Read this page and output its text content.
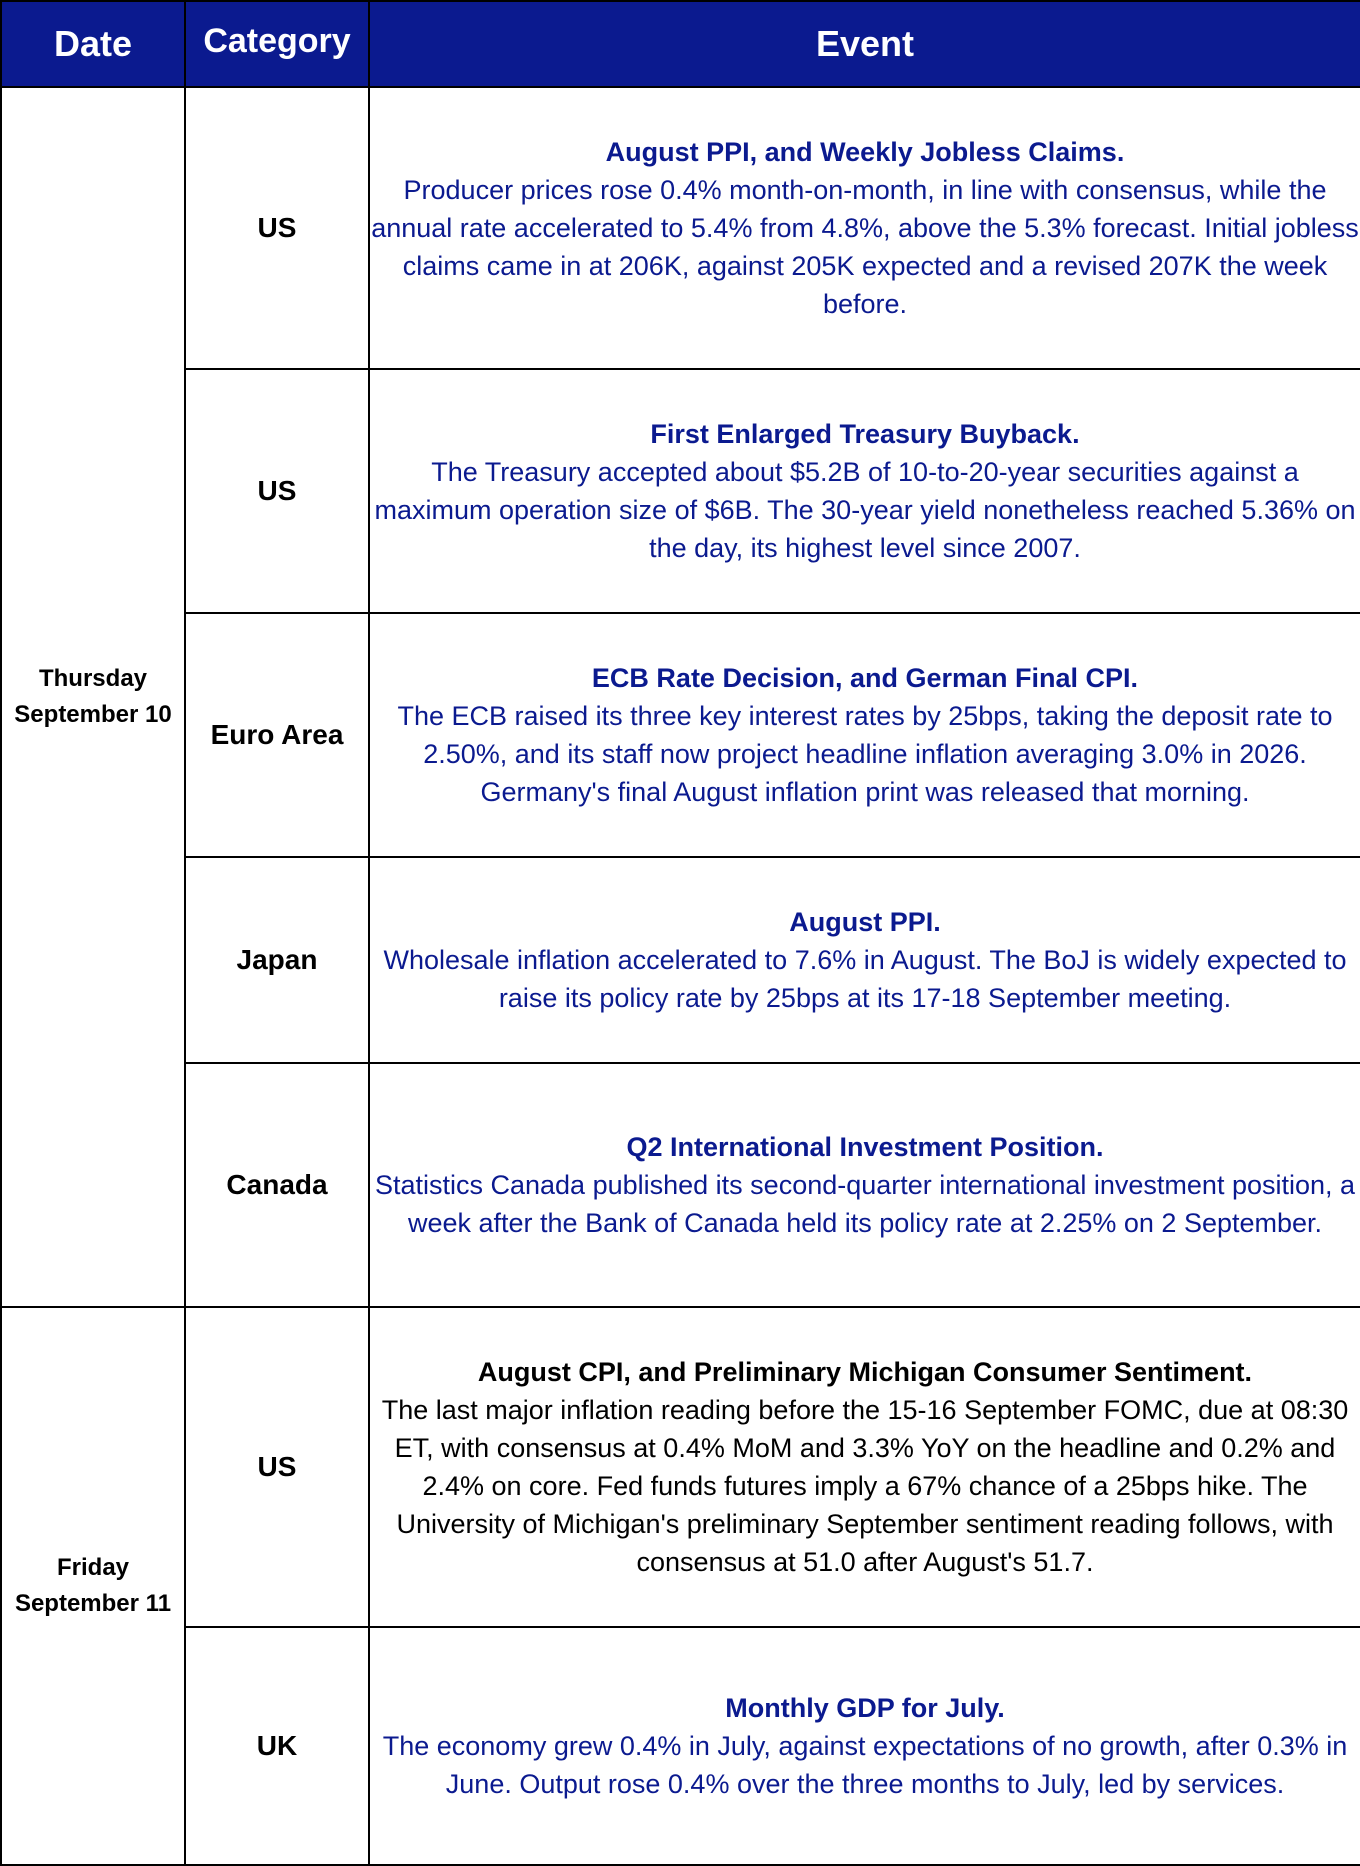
Date	Category	Event
Thursday
September 10	US	August PPI, and Weekly Jobless Claims.
Producer prices rose 0.4% month-on-month, in line with consensus, while the annual rate accelerated to 5.4% from 4.8%, above the 5.3% forecast. Initial jobless claims came in at 206K, against 205K expected and a revised 207K the week before.

	US	First Enlarged Treasury Buyback.
The Treasury accepted about $5.2B of 10-to-20-year securities against a maximum operation size of $6B. The 30-year yield nonetheless reached 5.36% on the day, its highest level since 2007.

	Euro Area	ECB Rate Decision, and German Final CPI.
The ECB raised its three key interest rates by 25bps, taking the deposit rate to 2.50%, and its staff now project headline inflation averaging 3.0% in 2026. Germany's final August inflation print was released that morning.

	Japan	August PPI.
Wholesale inflation accelerated to 7.6% in August. The BoJ is widely expected to raise its policy rate by 25bps at its 17-18 September meeting.

	Canada	Q2 International Investment Position.
Statistics Canada published its second-quarter international investment position, a week after the Bank of Canada held its policy rate at 2.25% on 2 September.

Friday
September 11	US	August CPI, and Preliminary Michigan Consumer Sentiment.
The last major inflation reading before the 15-16 September FOMC, due at 08:30 ET, with consensus at 0.4% MoM and 3.3% YoY on the headline and 0.2% and 2.4% on core. Fed funds futures imply a 67% chance of a 25bps hike. The University of Michigan's preliminary September sentiment reading follows, with consensus at 51.0 after August's 51.7.

	UK	Monthly GDP for July.
The economy grew 0.4% in July, against expectations of no growth, after 0.3% in June. Output rose 0.4% over the three months to July, led by services.
